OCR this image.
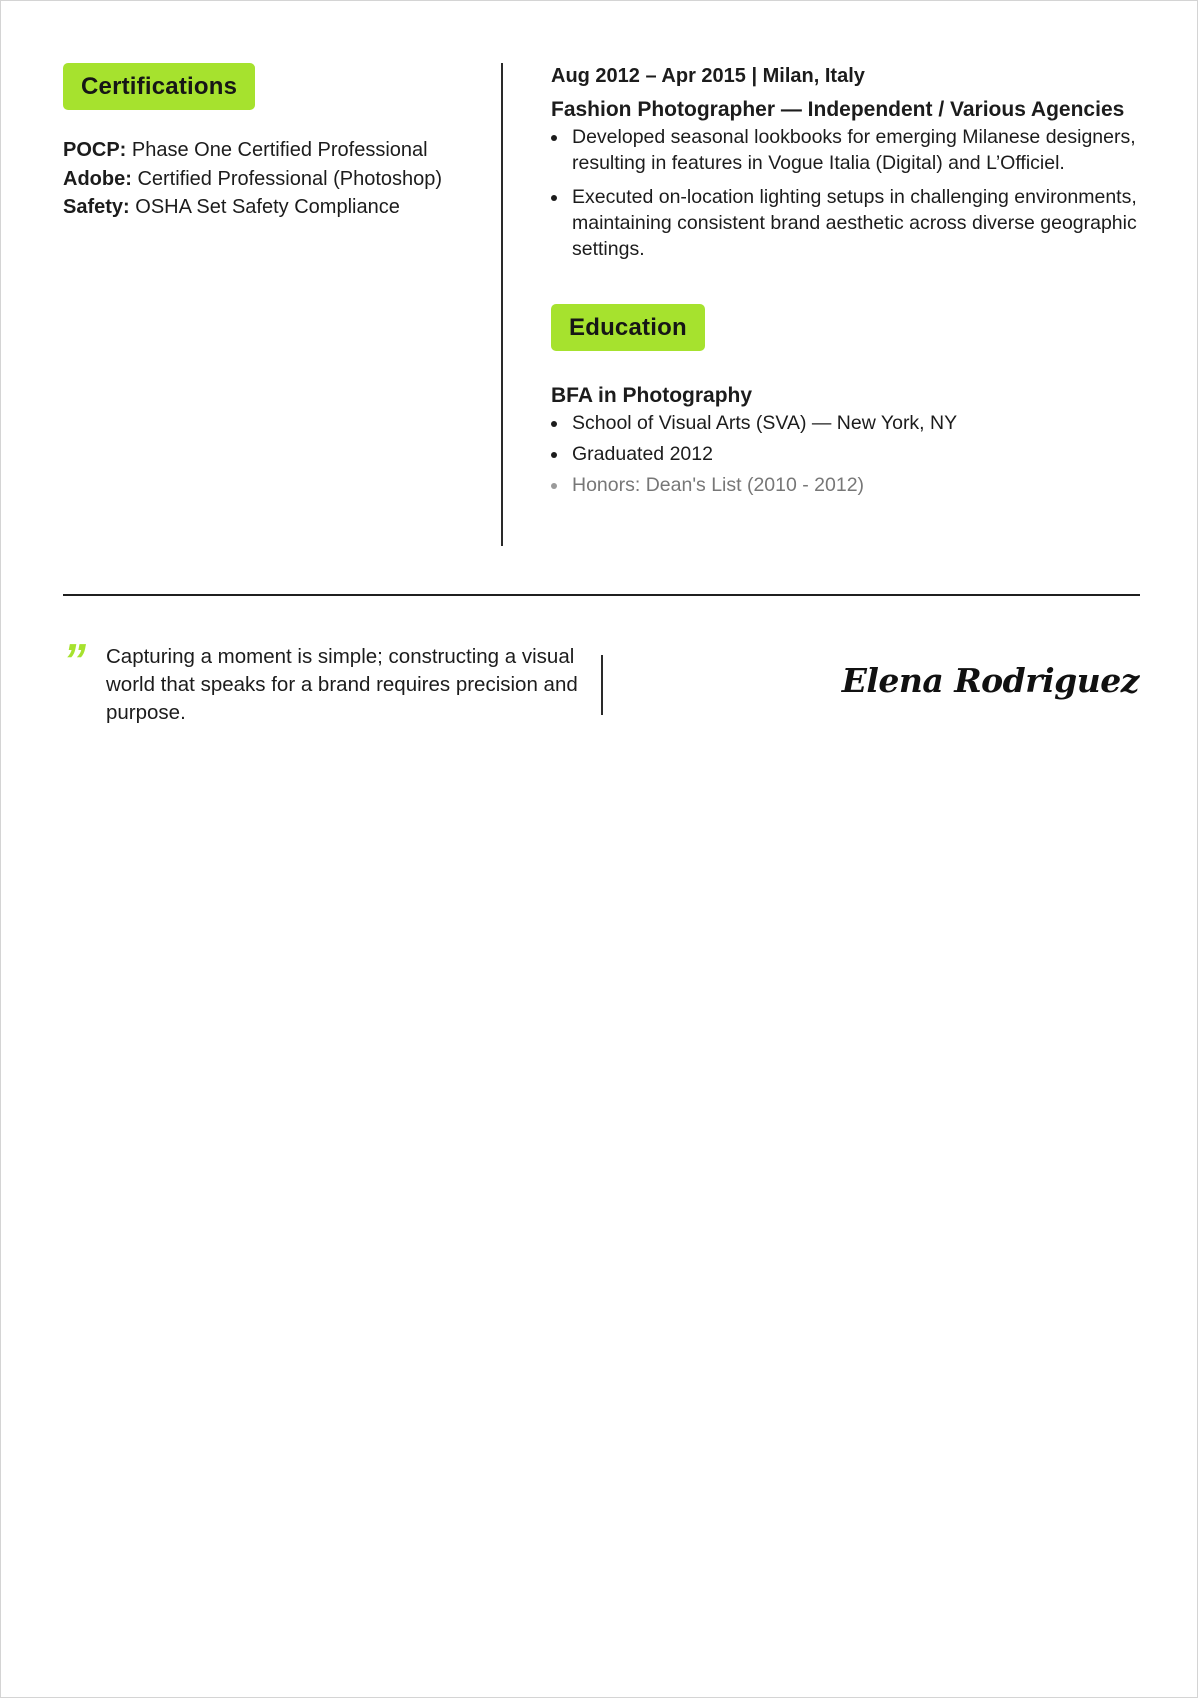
Certifications
POCP: Phase One Certified Professional
Adobe: Certified Professional (Photoshop)
Safety: OSHA Set Safety Compliance
Aug 2012 – Apr 2015 | Milan, Italy
Fashion Photographer — Independent / Various Agencies
Developed seasonal lookbooks for emerging Milanese designers, resulting in features in Vogue Italia (Digital) and L’Officiel.
Executed on-location lighting setups in challenging environments, maintaining consistent brand aesthetic across diverse geographic settings.
Education
BFA in Photography
School of Visual Arts (SVA) — New York, NY
Graduated 2012
Honors: Dean's List (2010 - 2012)
” Capturing a moment is simple; constructing a visual world that speaks for a brand requires precision and purpose.
Elena Rodriguez
